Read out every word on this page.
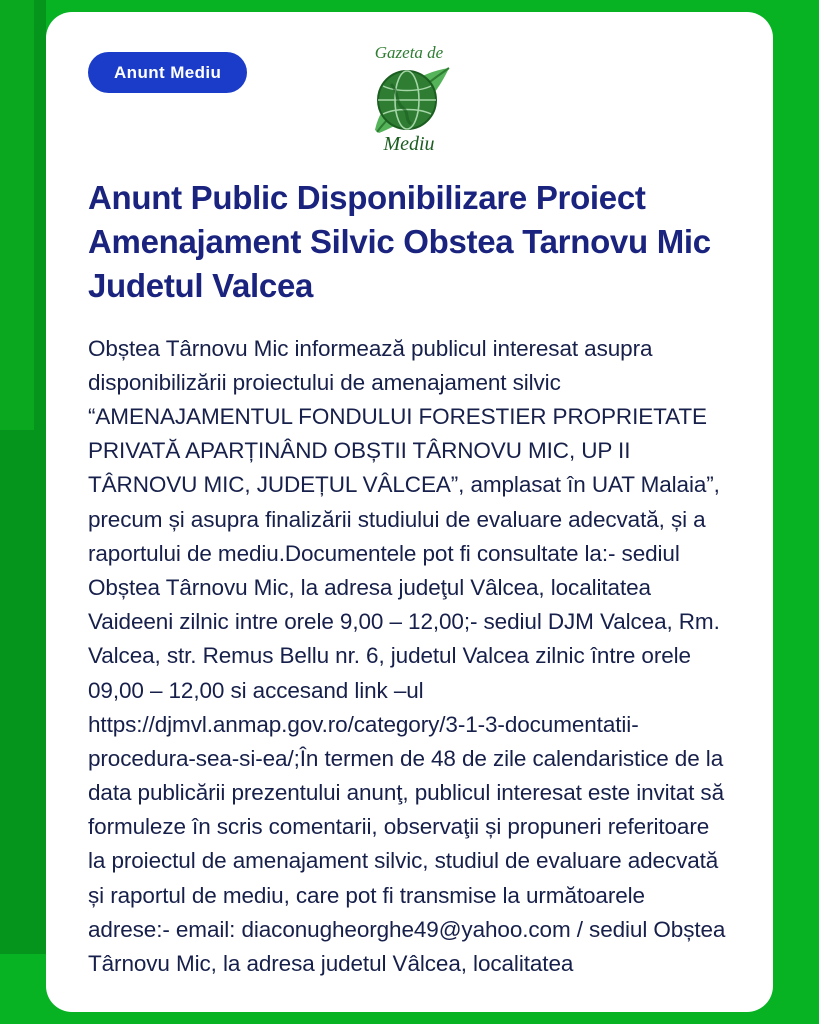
Anunt Mediu
Gazeta de
Mediu
Anunt Public Disponibilizare Proiect Amenajament Silvic Obstea Tarnovu Mic Judetul Valcea

Obștea Târnovu Mic informează publicul interesat asupra disponibilizării proiectului de amenajament silvic “AMENAJAMENTUL FONDULUI FORESTIER PROPRIETATE PRIVATĂ APARȚINÂND OBȘTII TÂRNOVU MIC, UP II TÂRNOVU MIC, JUDEȚUL VÂLCEA”, amplasat în UAT Malaia”, precum și asupra finalizării studiului de evaluare adecvată, și a raportului de mediu.Documentele pot fi consultate la:- sediul Obștea Târnovu Mic, la adresa judeţul Vâlcea, localitatea Vaideeni zilnic intre orele 9,00 – 12,00;- sediul DJM Valcea, Rm. Valcea, str. Remus Bellu nr. 6, judetul Valcea zilnic între orele 09,00 – 12,00 si accesand link –ul https://djmvl.anmap.gov.ro/category/3-1-3-documentatii-procedura-sea-si-ea/;În termen de 48 de zile calendaristice de la data publicării prezentului anunţ, publicul interesat este invitat să formuleze în scris comentarii, observaţii și propuneri referitoare la proiectul de amenajament silvic, studiul de evaluare adecvată și raportul de mediu, care pot fi transmise la următoarele adrese:- email: diaconugheorghe49@yahoo.com / sediul Obștea Târnovu Mic, la adresa judetul Vâlcea, localitatea
